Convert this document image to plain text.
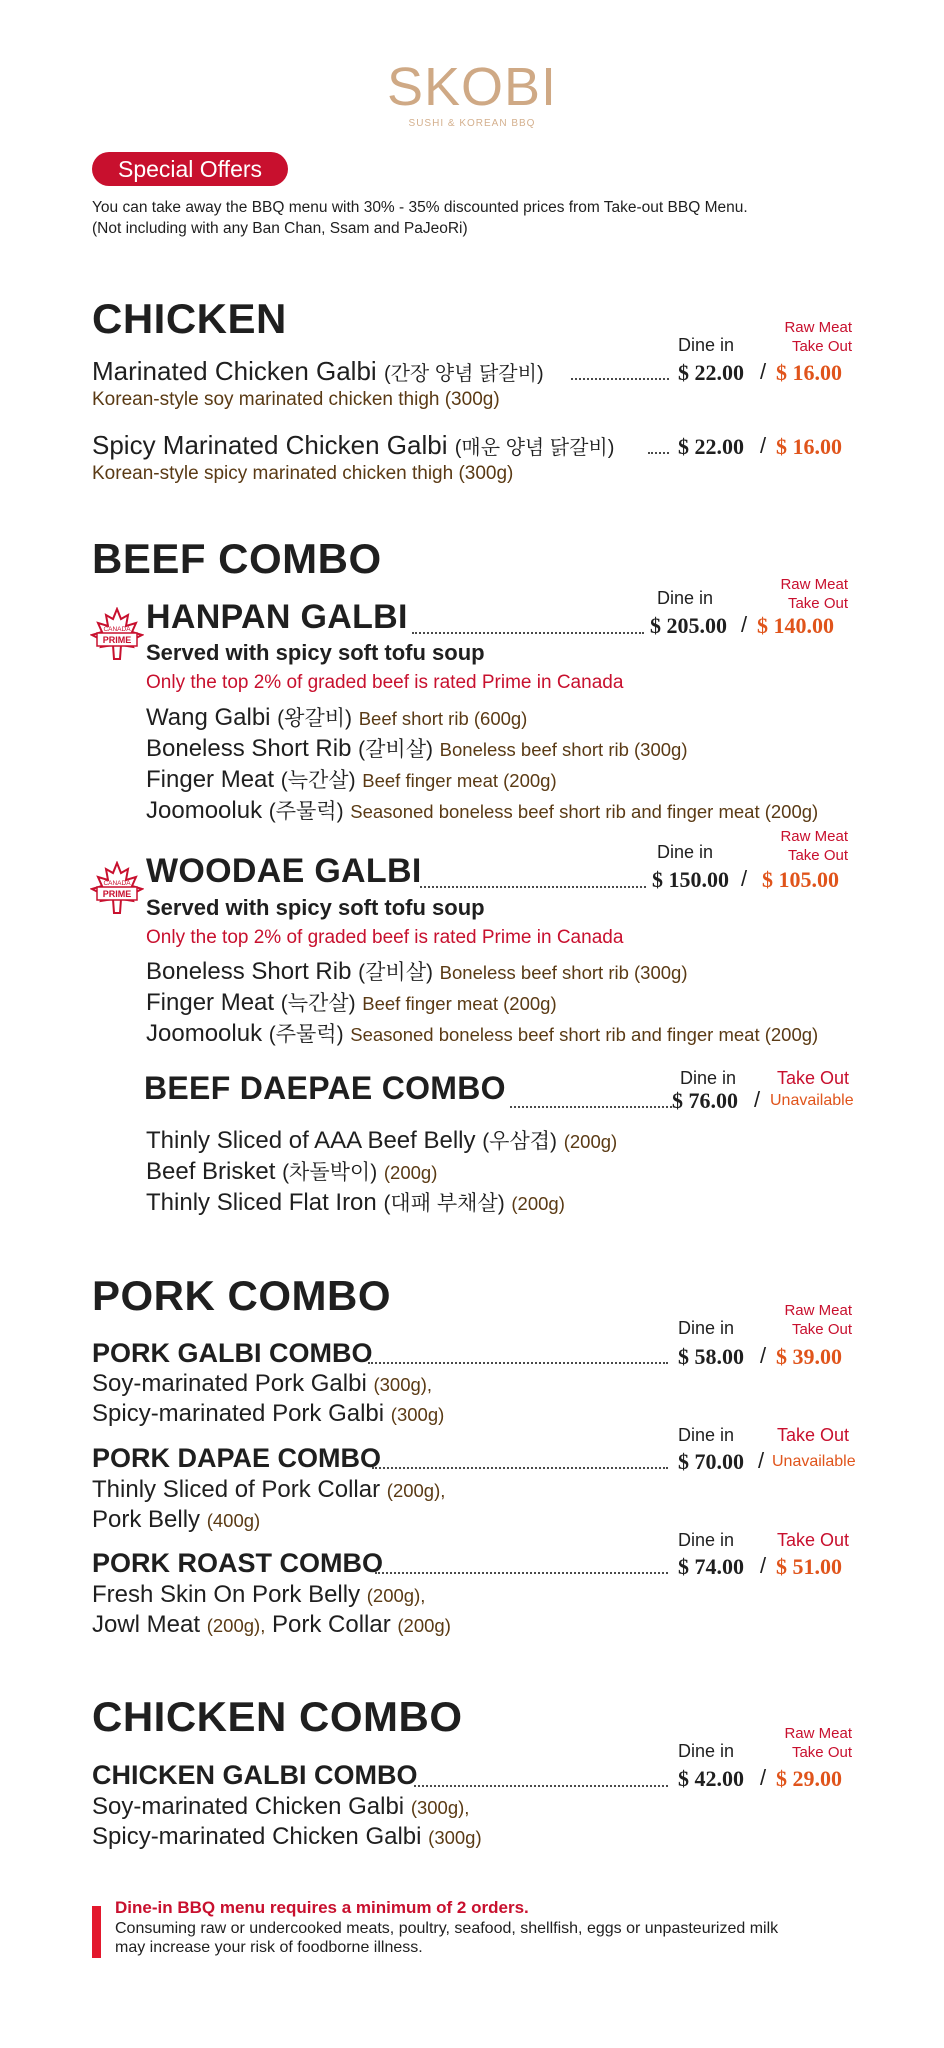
SKOBI
SUSHI & KOREAN BBQ
Special Offers
You can take away the BBQ menu with 30% - 35% discounted prices from Take-out BBQ Menu.
(Not including with any Ban Chan, Ssam and PaJeoRi)
CHICKEN	Raw Meat
Take Out
Dine in
Marinated Chicken Galbi (간장 양념 닭갈비)	$ 22.00 / $ 16.00
Korean-style soy marinated chicken thigh (300g)
Spicy Marinated Chicken Galbi (매운 양념 닭갈비)	$ 22.00 / $ 16.00
Korean-style spicy marinated chicken thigh (300g)
BEEF COMBO
Raw Meat
Take Out
Dine in
CANADA
PRIME
HANPAN GALBI	$ 205.00 / $ 140.00
Served with spicy soft tofu soup
Only the top 2% of graded beef is rated Prime in Canada
Wang Galbi (왕갈비) Beef short rib (600g)
Boneless Short Rib (갈비살) Boneless beef short rib (300g)
Finger Meat (늑간살) Beef finger meat (200g)
Joomooluk (주물럭) Seasoned boneless beef short rib and finger meat (200g)
Raw Meat
Take Out
Dine in
CANADA
PRIME
WOODAE GALBI	$ 150.00 / $ 105.00
Served with spicy soft tofu soup
Only the top 2% of graded beef is rated Prime in Canada
Boneless Short Rib (갈비살) Boneless beef short rib (300g)
Finger Meat (늑간살) Beef finger meat (200g)
Joomooluk (주물럭) Seasoned boneless beef short rib and finger meat (200g)
Dine in Take Out
BEEF DAEPAE COMBO	$ 76.00 / Unavailable
Thinly Sliced of AAA Beef Belly (우삼겹) (200g)
Beef Brisket (차돌박이) (200g)
Thinly Sliced Flat Iron (대패 부채살) (200g)
PORK COMBO	Raw Meat
Take Out
Dine in
PORK GALBI COMBO	$ 58.00 / $ 39.00
Soy-marinated Pork Galbi (300g),
Spicy-marinated Pork Galbi (300g)
Dine in Take Out
PORK DAPAE COMBO	$ 70.00 / Unavailable
Thinly Sliced of Pork Collar (200g),
Pork Belly (400g)
Dine in Take Out
PORK ROAST COMBO	$ 74.00 / $ 51.00
Fresh Skin On Pork Belly (200g),
Jowl Meat (200g), Pork Collar (200g)
CHICKEN COMBO	Raw Meat
Take Out
Dine in
CHICKEN GALBI COMBO	$ 42.00 / $ 29.00
Soy-marinated Chicken Galbi (300g),
Spicy-marinated Chicken Galbi (300g)
Dine-in BBQ menu requires a minimum of 2 orders.
Consuming raw or undercooked meats, poultry, seafood, shellfish, eggs or unpasteurized milk
may increase your risk of foodborne illness.
